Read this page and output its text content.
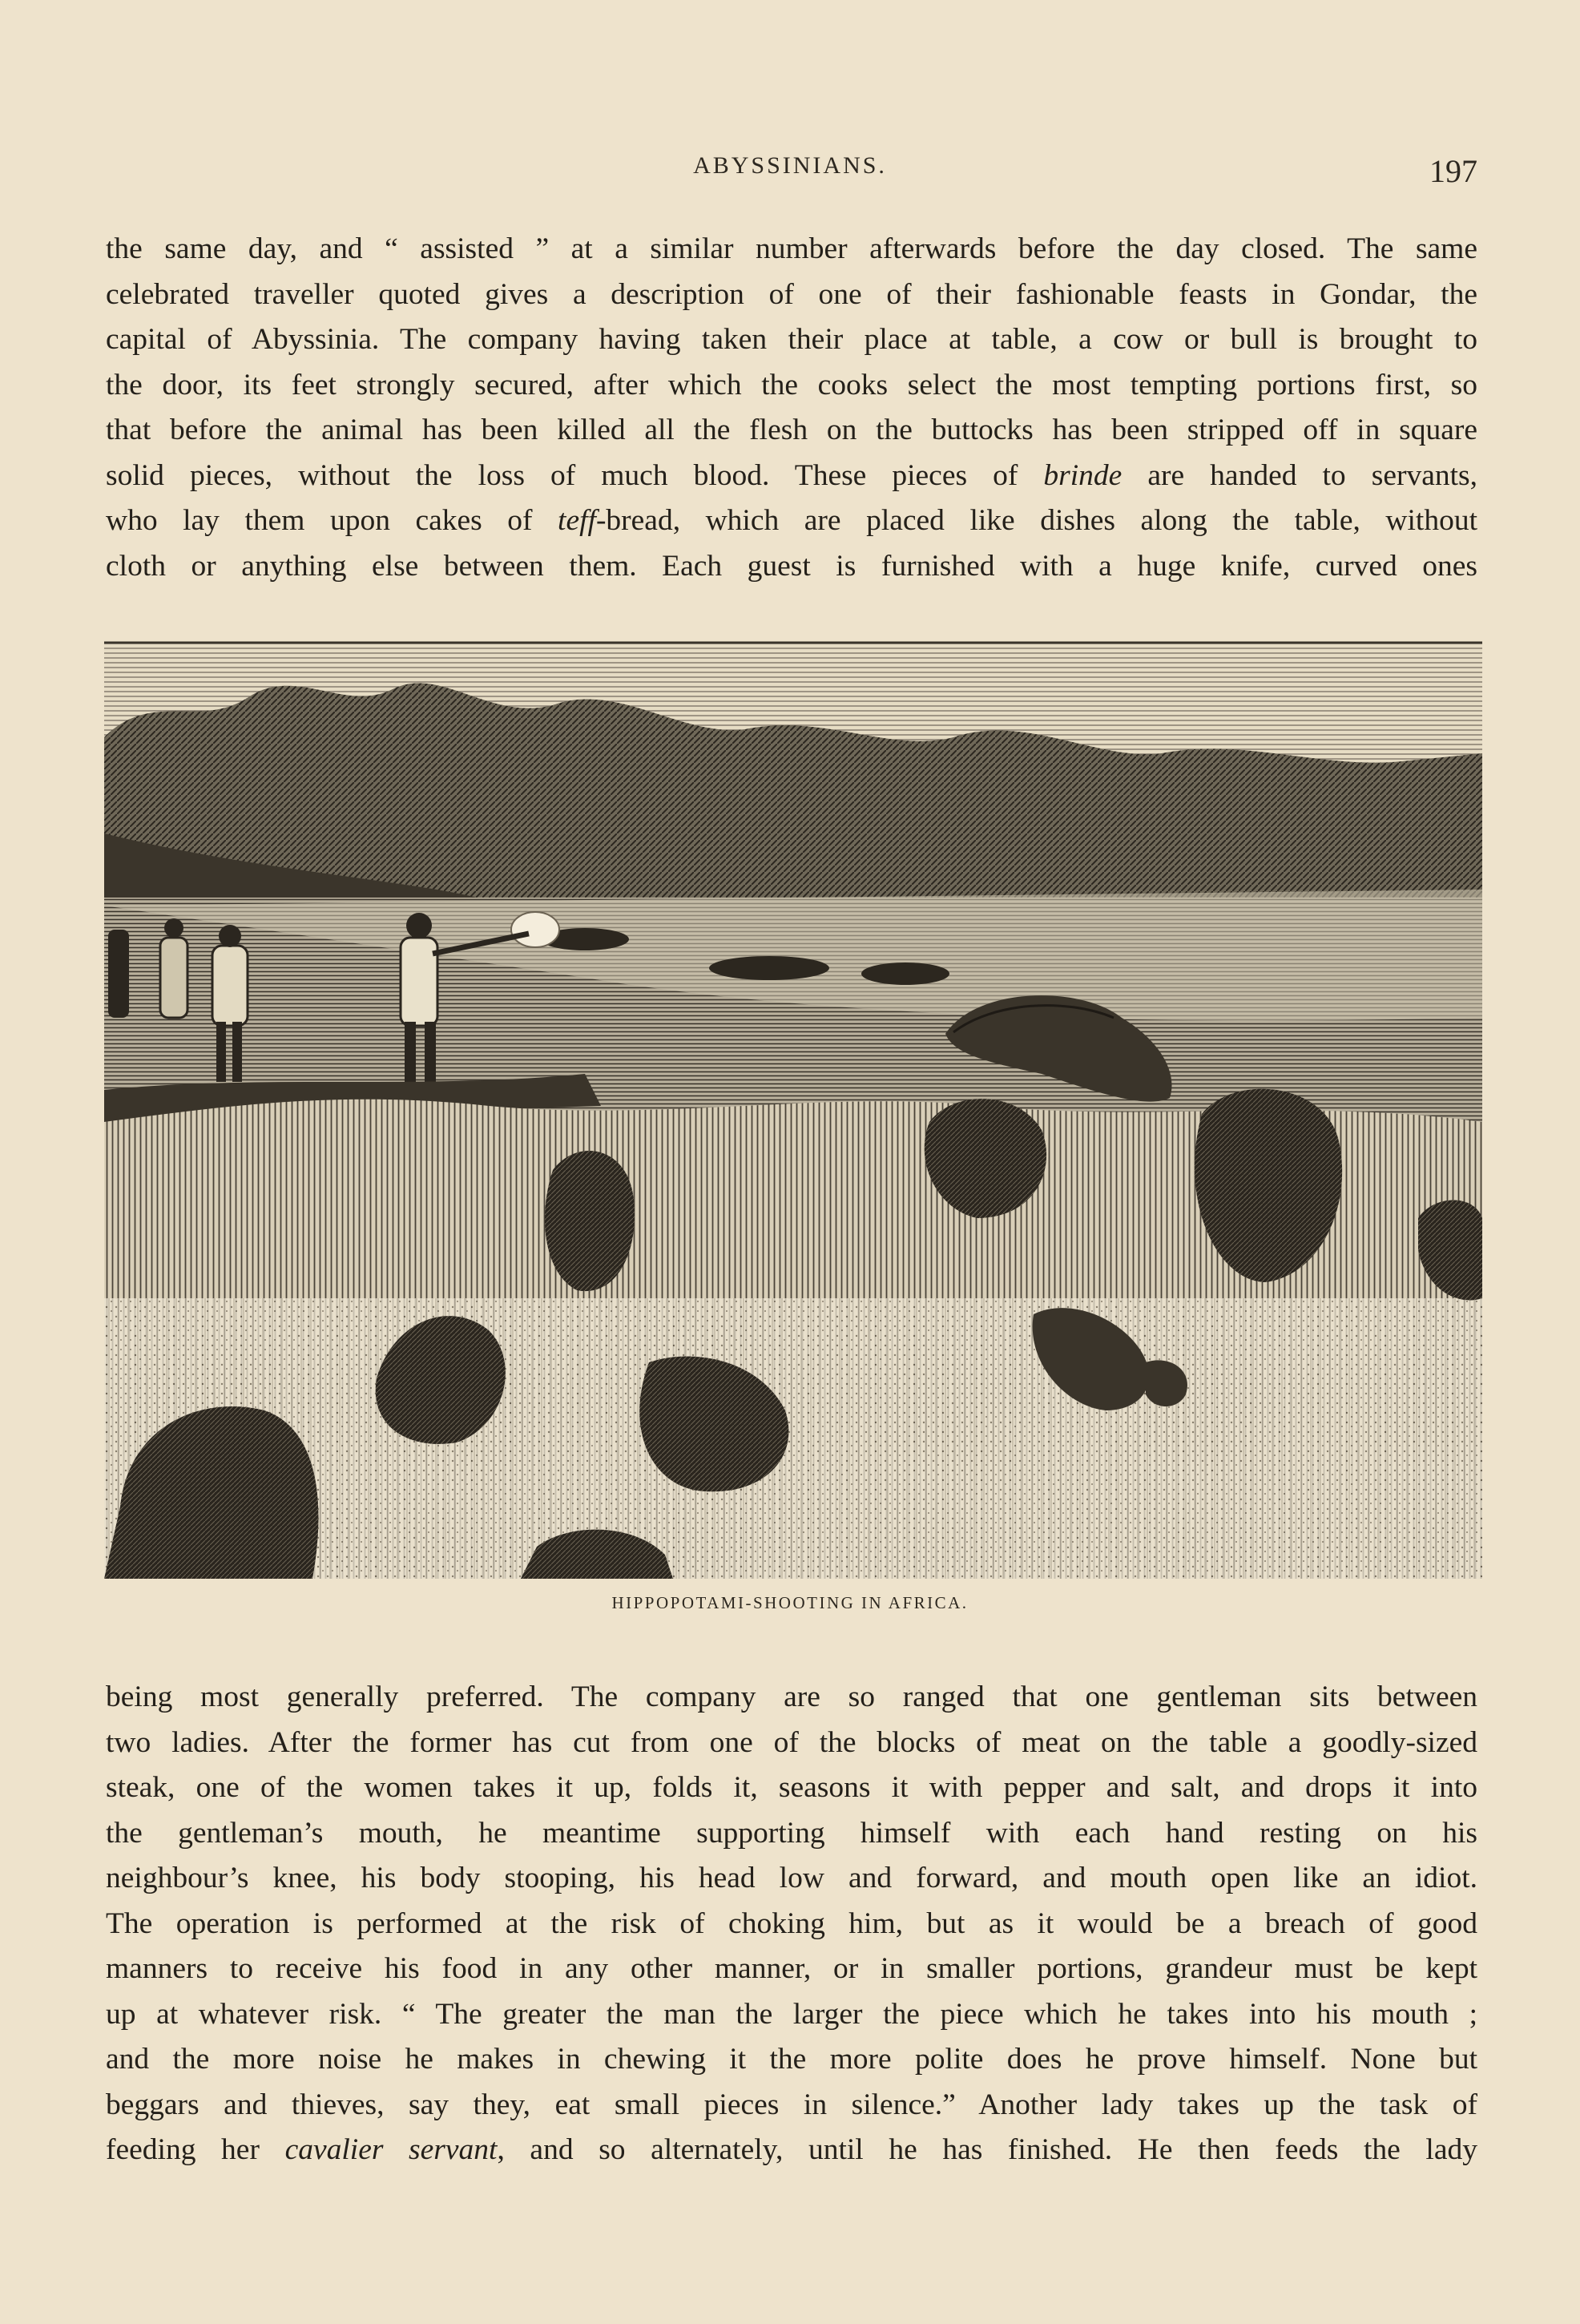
ABYSSINIANS.	197
the same day, and “ assisted ” at a similar number afterwards before the day closed. The same
celebrated traveller quoted gives a description of one of their fashionable feasts in Gondar, the
capital of Abyssinia. The company having taken their place at table, a cow or bull is brought to
the door, its feet strongly secured, after which the cooks select the most tempting portions first, so
that before the animal has been killed all the flesh on the buttocks has been stripped off in square
solid pieces, without the loss of much blood. These pieces of brinde are handed to servants,
who lay them upon cakes of teff-bread, which are placed like dishes along the table, without
cloth or anything else between them. Each guest is furnished with a huge knife, curved ones
HIPPOPOTAMI-SHOOTING IN AFRICA.
being most generally preferred. The company are so ranged that one gentleman sits between
two ladies. After the former has cut from one of the blocks of meat on the table a goodly-sized
steak, one of the women takes it up, folds it, seasons it with pepper and salt, and drops it into
the gentleman’s mouth, he meantime supporting himself with each hand resting on his
neighbour’s knee, his body stooping, his head low and forward, and mouth open like an idiot.
The operation is performed at the risk of choking him, but as it would be a breach of good
manners to receive his food in any other manner, or in smaller portions, grandeur must be kept
up at whatever risk. “ The greater the man the larger the piece which he takes into his mouth ;
and the more noise he makes in chewing it the more polite does he prove himself. None but
beggars and thieves, say they, eat small pieces in silence.” Another lady takes up the task of
feeding her cavalier servant, and so alternately, until he has finished. He then feeds the lady
